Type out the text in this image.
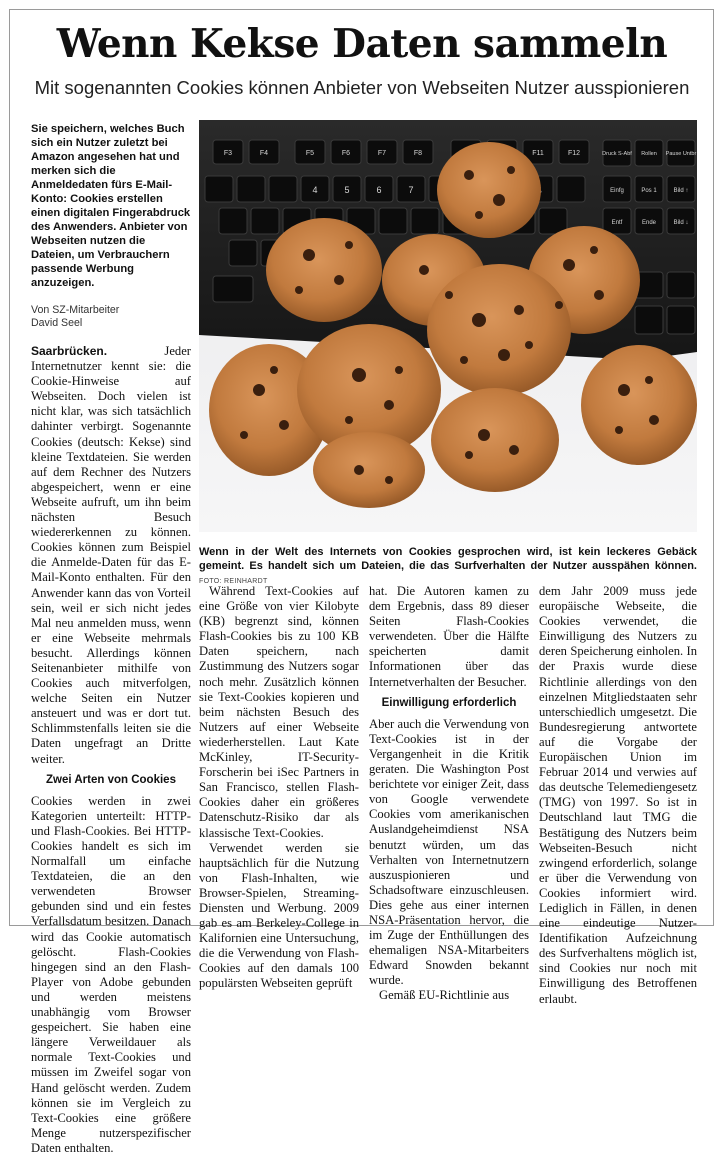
Wenn Kekse Daten sammeln
Mit sogenannten Cookies können Anbieter von Webseiten Nutzer ausspionieren
Sie speichern, welches Buch sich ein Nutzer zuletzt bei Amazon angesehen hat und merken sich die Anmeldedaten fürs E-Mail-Konto: Cookies erstellen einen digitalen Fingerabdruck des Anwenders. Anbieter von Webseiten nutzen die Dateien, um Verbrauchern passende Werbung anzuzeigen.
Von SZ-Mitarbeiter
David Seel

Saarbrücken.	Jeder Internetnutzer kennt sie: die Cookie-Hinweise auf Webseiten. Doch vielen ist nicht klar, was sich tatsächlich dahinter verbirgt. Sogenannte Cookies (deutsch: Kekse) sind kleine Textdateien. Sie werden auf dem Rechner des Nutzers abgespeichert, wenn er eine Webseite aufruft, um ihn beim nächsten Besuch wiedererkennen zu können. Cookies können zum Beispiel die Anmelde-Daten für das E-Mail-Konto enthalten. Für den Anwender kann das von Vorteil sein, weil er sich nicht jedes Mal neu anmelden muss, wenn er eine Webseite mehrmals besucht. Allerdings können Seitenanbieter mithilfe von Cookies auch mitverfolgen, welche Seiten ein Nutzer ansteuert und was er dort tut. Schlimmstenfalls leiten sie die Daten ungefragt an Dritte weiter.

Zwei Arten von Cookies

Cookies werden in zwei Kategorien unterteilt: HTTP- und Flash-Cookies. Bei HTTP-Cookies handelt es sich im Normalfall um einfache Textdateien, die an den verwendeten Browser gebunden sind und ein festes Verfallsdatum besitzen. Danach wird das Cookie automatisch gelöscht. Flash-Cookies hingegen sind an den Flash-Player von Adobe gebunden und werden meistens unabhängig vom Browser gespeichert. Sie haben eine längere Verweildauer als normale Text-Cookies und müssen im Zweifel sogar von Hand gelöscht werden. Zudem können sie im Vergleich zu Text-Cookies eine größere Menge nutzerspezifischer Daten enthalten.

F3	F4	F5	F6	F7	F8	F11	F12	Druck S-Abf Rollen Pause Untbr
Einfg	Pos 1	Bild ↑
Entf	Ende	Bild ↓
4	5	6	7
Wenn in der Welt des Internets von Cookies gesprochen wird, ist kein leckeres Gebäck gemeint. Es handelt sich um Dateien, die das Surfverhalten der Nutzer ausspähen können. FOTO: REINHARDT

Während Text-Cookies auf eine Größe von vier Kilobyte (KB) begrenzt sind, können Flash-Cookies bis zu 100 KB Daten speichern, nach Zustimmung des Nutzers sogar noch mehr. Zusätzlich können sie Text-Cookies kopieren und beim nächsten Besuch des Nutzers auf einer Webseite wiederherstellen. Laut Kate McKinley, IT-Security-Forscherin bei iSec Partners in San Francisco, stellen Flash-Cookies daher ein größeres Datenschutz-Risiko dar als klassische Text-Cookies.

Verwendet werden sie hauptsächlich für die Nutzung von Flash-Inhalten, wie Browser-Spielen, Streaming-Diensten und Werbung. 2009 gab es am Berkeley-College in Kalifornien eine Untersuchung, die die Verwendung von Flash-Cookies auf den damals 100 populärsten Webseiten geprüft

hat. Die Autoren kamen zu dem Ergebnis, dass 89 dieser Seiten Flash-Cookies verwendeten. Über die Hälfte speicherten damit Informationen über das Internetverhalten der Besucher.

Einwilligung erforderlich

Aber auch die Verwendung von Text-Cookies ist in der Vergangenheit in die Kritik geraten. Die Washington Post berichtete vor einiger Zeit, dass von Google verwendete Cookies vom amerikanischen Auslandgeheimdienst NSA benutzt würden, um das Verhalten von Internetnutzern auszuspionieren und Schadsoftware einzuschleusen. Dies gehe aus einer internen NSA-Präsentation hervor, die im Zuge der Enthüllungen des ehemaligen NSA-Mitarbeiters Edward Snowden bekannt wurde.

Gemäß EU-Richtlinie aus

dem Jahr 2009 muss jede europäische Webseite, die Cookies verwendet, die Einwilligung des Nutzers zu deren Speicherung einholen. In der Praxis wurde diese Richtlinie allerdings von den einzelnen Mitgliedstaaten sehr unterschiedlich umgesetzt. Die Bundesregierung antwortete auf die Vorgabe der Europäischen Union im Februar 2014 und verwies auf das deutsche Telemediengesetz (TMG) von 1997. So ist in Deutschland laut TMG die Bestätigung des Nutzers beim Webseiten-Besuch nicht zwingend erforderlich, solange er über die Verwendung von Cookies informiert wird. Lediglich in Fällen, in denen eine eindeutige Nutzer-Identifikation Aufzeichnung des Surfverhaltens möglich ist, sind Cookies nur noch mit Einwilligung des Betroffenen erlaubt.
